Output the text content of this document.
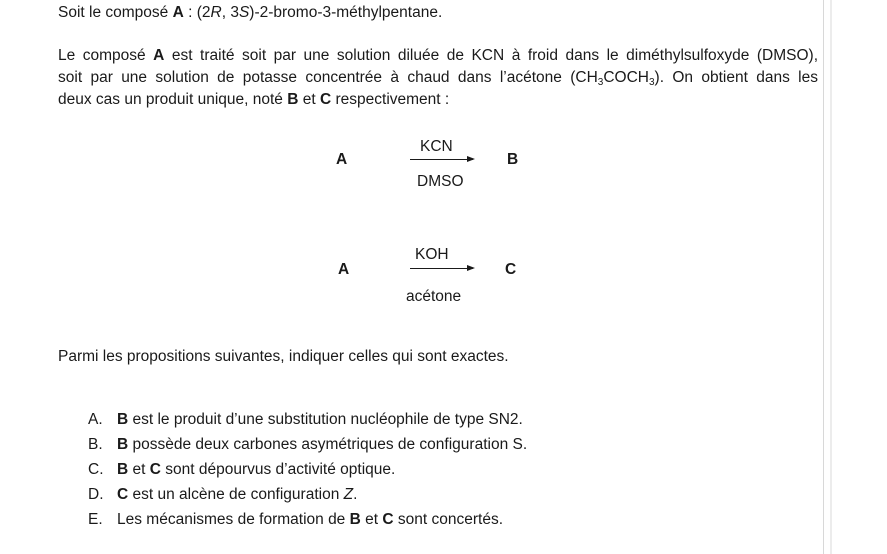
Soit le composé A : (2R, 3S)-2-bromo-3-méthylpentane.
Le composé A est traité soit par une solution diluée de KCN à froid dans le diméthylsulfoxyde (DMSO),
soit par une solution de potasse concentrée à chaud dans l’acétone $(CH_3COCH_3)$. On obtient dans les
deux cas un produit unique, noté B et C respectivement :
A
KCN
DMSO
B
A
KOH
acétone
C
Parmi les propositions suivantes, indiquer celles qui sont exactes.
A. B est le produit d’une substitution nucléophile de type SN2.
B. B possède deux carbones asymétriques de configuration S.
C. B et C sont dépourvus d’activité optique.
D. C est un alcène de configuration Z.
E. Les mécanismes de formation de B et C sont concertés.
